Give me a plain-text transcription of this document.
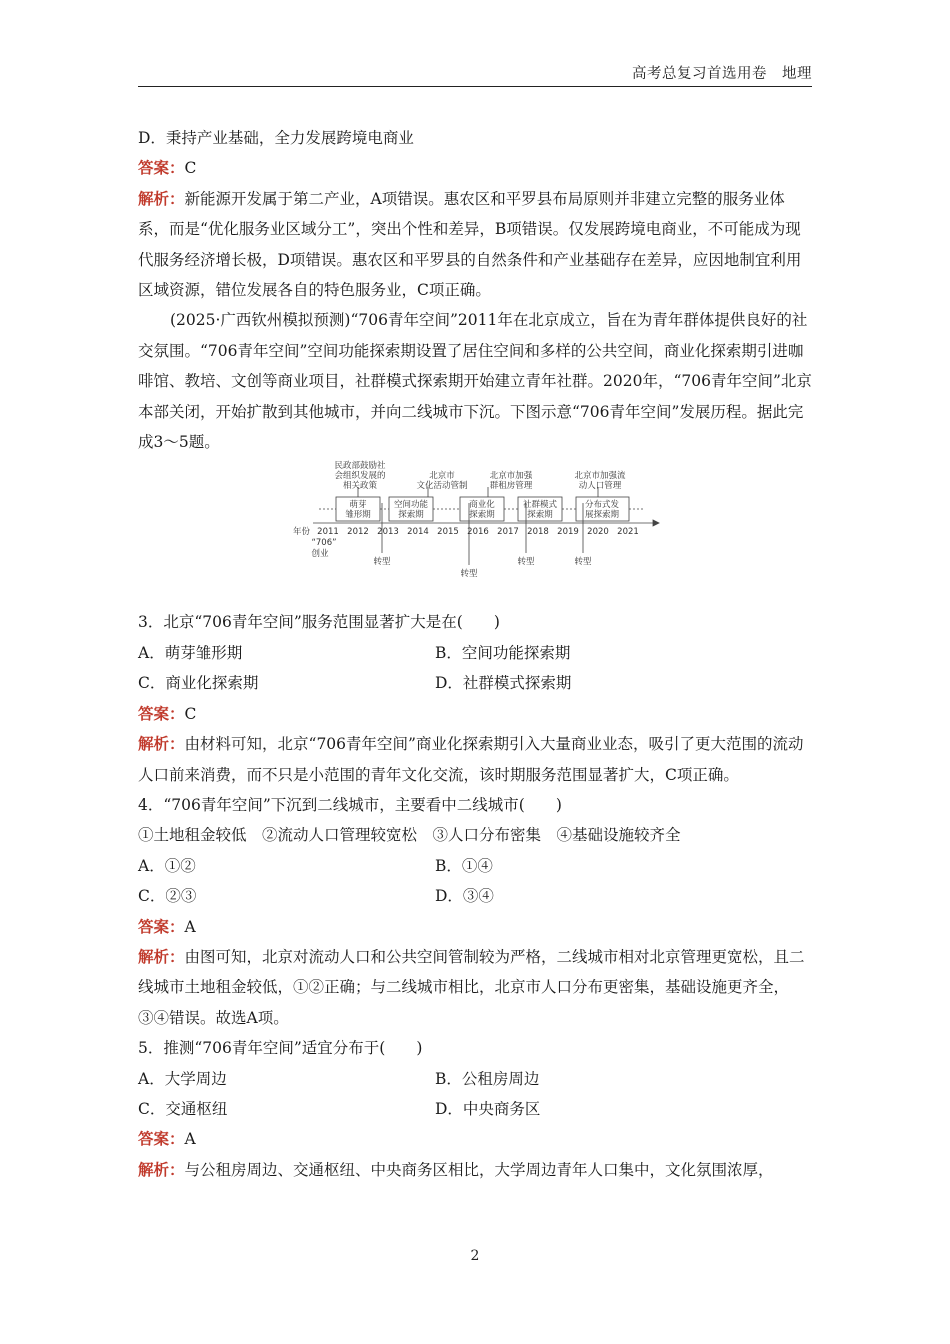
高考总复习首选用卷　地理

D．秉持产业基础，全力发展跨境电商业

答案：C

解析：新能源开发属于第二产业，A项错误。惠农区和平罗县布局原则并非建立完整的服务业体系，而是“优化服务业区域分工”，突出个性和差异，B项错误。仅发展跨境电商业，不可能成为现代服务经济增长极，D项错误。惠农区和平罗县的自然条件和产业基础存在差异，应因地制宜利用区域资源，错位发展各自的特色服务业，C项正确。

(2025·广西钦州模拟预测)“706青年空间”2011年在北京成立，旨在为青年群体提供良好的社交氛围。“706青年空间”空间功能探索期设置了居住空间和多样的公共空间，商业化探索期引进咖啡馆、教培、文创等商业项目，社群模式探索期开始建立青年社群。2020年，“706青年空间”北京本部关闭，开始扩散到其他城市，并向二线城市下沉。下图示意“706青年空间”发展历程。据此完成3～5题。

民政部鼓励社
会组织发展的
相关政策
北京市
文化活动管制
北京市加强
群租房管理
北京市加强流
动人口管理
萌芽
雏形期
空间功能
探索期
商业化
探索期
社群模式
探索期
分布式发
展探索期
2011 2012 2013 2014 2015 2016 2017 2018 2019 2020 2021
“706”
创业
转型
转型
转型	转型
年份

3．北京“706青年空间”服务范围显著扩大是在(　　)

A．萌芽雏形期	B．空间功能探索期
C．商业化探索期	D．社群模式探索期

答案：C

解析：由材料可知，北京“706青年空间”商业化探索期引入大量商业业态，吸引了更大范围的流动人口前来消费，而不只是小范围的青年文化交流，该时期服务范围显著扩大，C项正确。

4．“706青年空间”下沉到二线城市，主要看中二线城市(　　)

①土地租金较低　②流动人口管理较宽松　③人口分布密集　④基础设施较齐全

A．①②	B．①④
C．②③	D．③④

答案：A

解析：由图可知，北京对流动人口和公共空间管制较为严格，二线城市相对北京管理更宽松，且二线城市土地租金较低，①②正确；与二线城市相比，北京市人口分布更密集，基础设施更齐全，③④错误。故选A项。

5．推测“706青年空间”适宜分布于(　　)

A．大学周边	B．公租房周边
C．交通枢纽	D．中央商务区

答案：A

解析：与公租房周边、交通枢纽、中央商务区相比，大学周边青年人口集中，文化氛围浓厚，

2
